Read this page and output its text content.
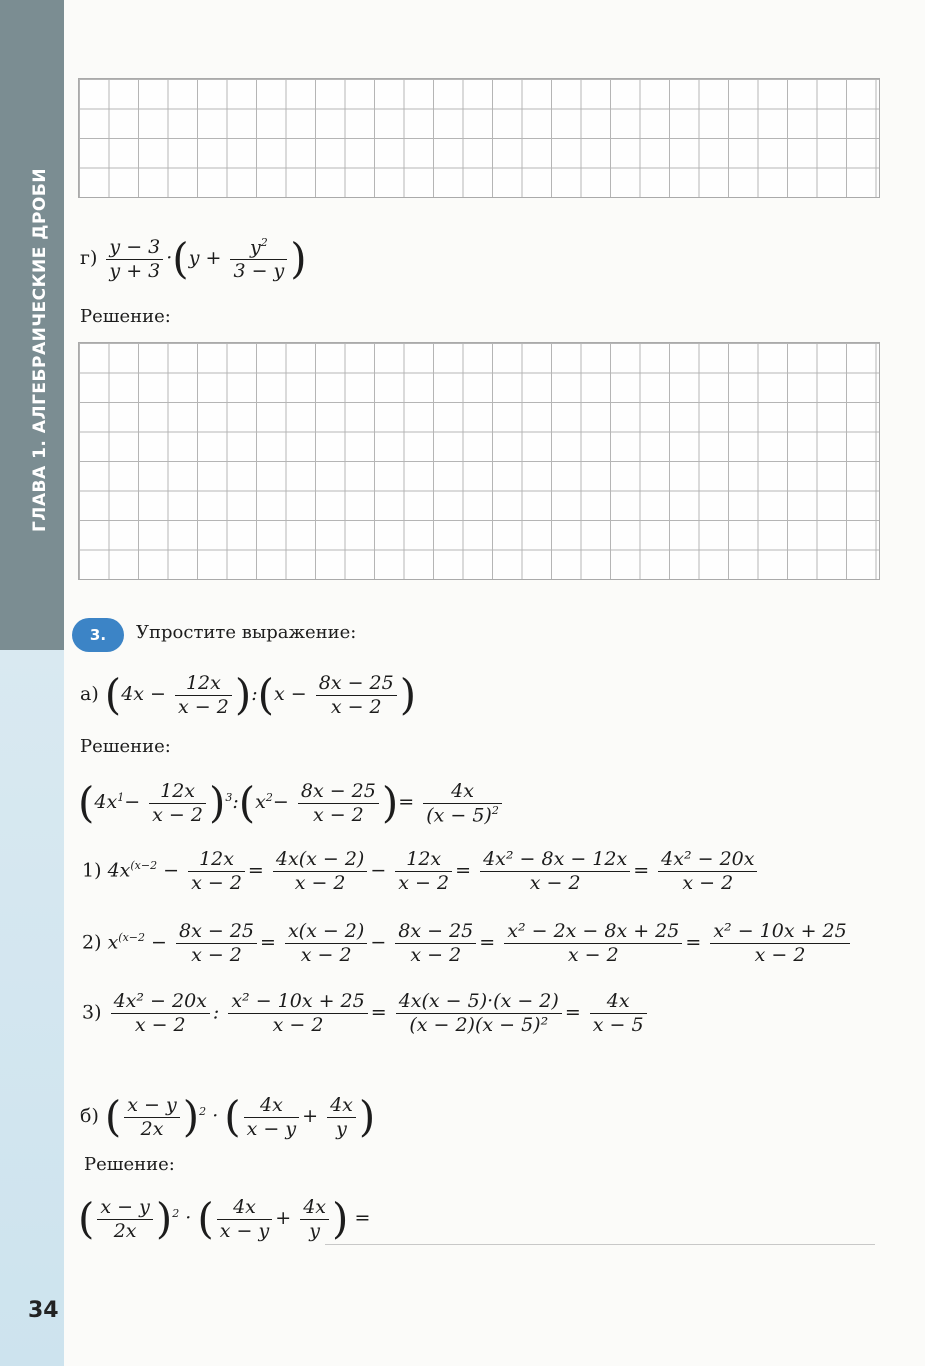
ГЛАВА 1. АЛГЕБРАИЧЕСКИЕ ДРОБИ
34
$г) \frac{y - 3}{y + 3} \cdot(y + \frac{y^2}{3 - y}$ )
Решение:
3.	Упростите выражение:
а) ($4x - \frac{12x}{x - 2}$ ):(x − $\frac{8x - 25}{x - 2}$ )
Решение:
($4x^1- \frac{12x}{x - 2}$ )$^3:(x^2- \frac{8x - 25}{x - 2}$ )= $\frac{4x}{(x - 5)^2}$
1) $4x^{(x-2} - \frac{12x}{x - 2} = \frac{4x(x - 2)}{x - 2} - \frac{12x}{x - 2} = \frac{\text{4x² − 8x − 12x}}{x - 2} = \frac{\text{4x² − 20x}}{x - 2}$
2) $x^{(x-2} - \frac{8x - 25}{x - 2} = \frac{x(x - 2)}{x - 2} - \frac{8x - 25}{x - 2} = \frac{\text{x² − 2x − 8x + 25}}{x - 2} = \frac{\text{x² − 10x + 25}}{x - 2}$
$3) \frac{\text{4x² − 20x}}{x - 2}$ : $\frac{\text{x² − 10x + 25}}{x - 2} = \frac{4x(x - 5)\cdot(x - 2)}{\text{(x − 2)(x − 5)²}} = \frac{4x}{x - 5}$
б) ( $\frac{x - y}{2x} )^2$ · ( $\frac{4x}{x - y} + \frac{4x}{y}$ )
Решение:
( $\frac{x - y}{2x} )^2$ · ( $\frac{4x}{x - y} + \frac{4x}{y}$ ) =
